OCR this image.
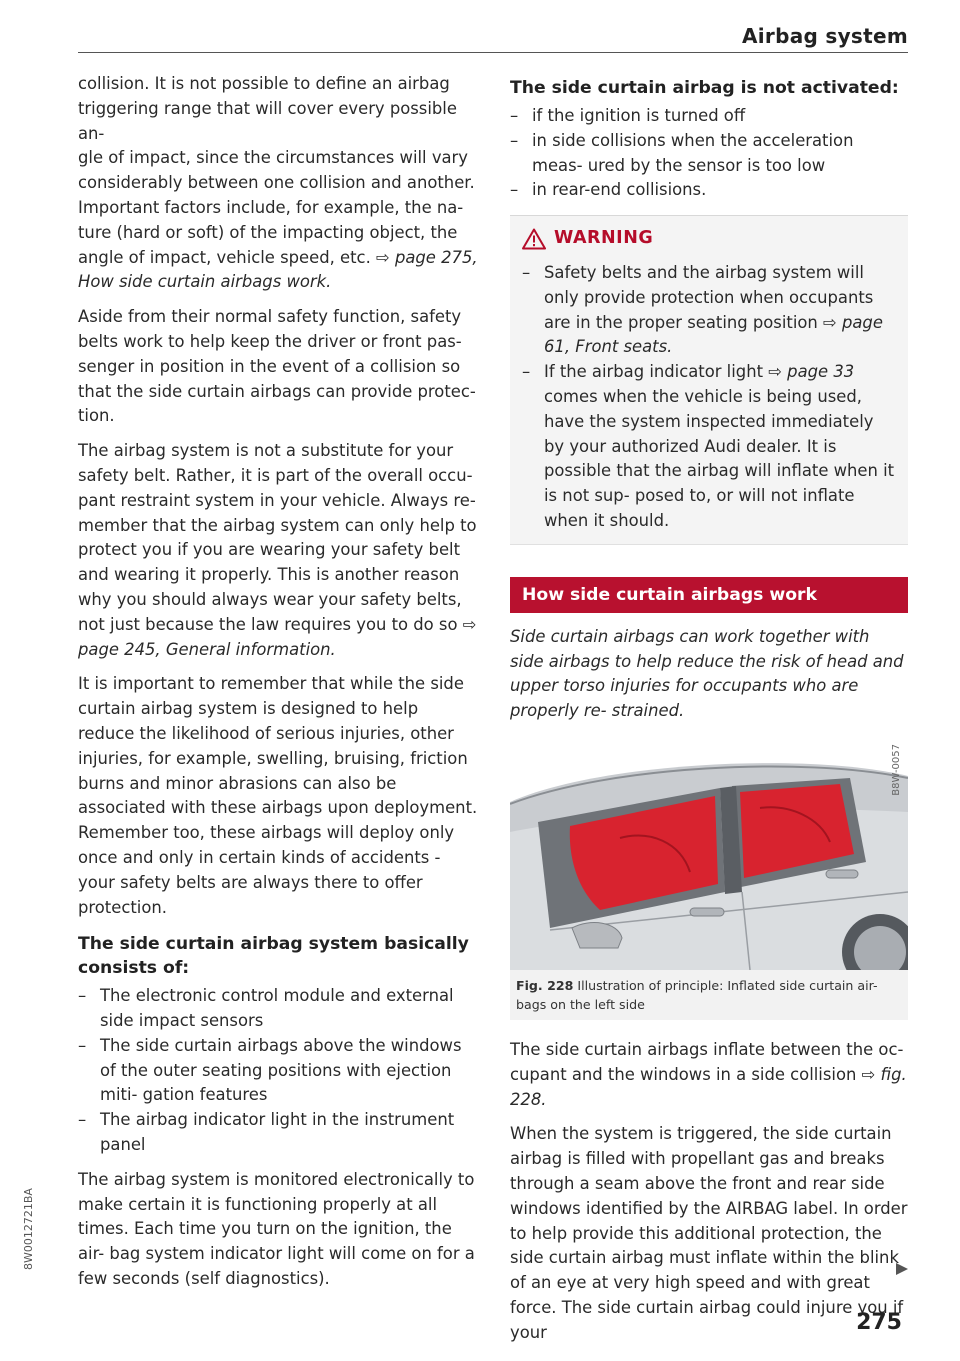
Airbag system

collision. It is not possible to define an airbag
triggering range that will cover every possible an-
gle of impact, since the circumstances will vary
considerably between one collision and another.
Important factors include, for example, the na-
ture (hard or soft) of the impacting object, the
angle of impact, vehicle speed, etc. ⇨ page 275,
How side curtain airbags work.

Aside from their normal safety function, safety belts work to help keep the driver or front pas- senger in position in the event of a collision so that the side curtain airbags can provide protec- tion.

The airbag system is not a substitute for your safety belt. Rather, it is part of the overall occu- pant restraint system in your vehicle. Always re- member that the airbag system can only help to protect you if you are wearing your safety belt and wearing it properly. This is another reason why you should always wear your safety belts, not just because the law requires you to do so ⇨ page 245, General information.

It is important to remember that while the side curtain airbag system is designed to help reduce the likelihood of serious injuries, other injuries, for example, swelling, bruising, friction burns and minor abrasions can also be associated with these airbags upon deployment. Remember too, these airbags will deploy only once and only in certain kinds of accidents - your safety belts are always there to offer protection.

The side curtain airbag system basically consists of:
– The electronic control module and external side impact sensors
– The side curtain airbags above the windows of the outer seating positions with ejection miti- gation features
– The airbag indicator light in the instrument panel

The airbag system is monitored electronically to make certain it is functioning properly at all times. Each time you turn on the ignition, the air- bag system indicator light will come on for a few seconds (self diagnostics).

The side curtain airbag is not activated:
– if the ignition is turned off
– in side collisions when the acceleration meas- ured by the sensor is too low
– in rear-end collisions.
WARNING
– Safety belts and the airbag system will only provide protection when occupants are in the proper seating position ⇨ page 61, Front seats.
– If the airbag indicator light ⇨ page 33 comes when the vehicle is being used, have the system inspected immediately by your authorized Audi dealer. It is possible that the airbag will inflate when it is not sup- posed to, or will not inflate when it should.
How side curtain airbags work

Side curtain airbags can work together with side airbags to help reduce the risk of head and upper torso injuries for occupants who are properly re- strained.

B8W-0057
Fig. 228 Illustration of principle: Inflated side curtain air- bags on the left side

The side curtain airbags inflate between the oc- cupant and the windows in a side collision ⇨ fig. 228.

When the system is triggered, the side curtain airbag is filled with propellant gas and breaks through a seam above the front and rear side windows identified by the AIRBAG label. In order to help provide this additional protection, the side curtain airbag must inflate within the blink of an eye at very high speed and with great force. The side curtain airbag could injure you if your

8W0012721BA
275
